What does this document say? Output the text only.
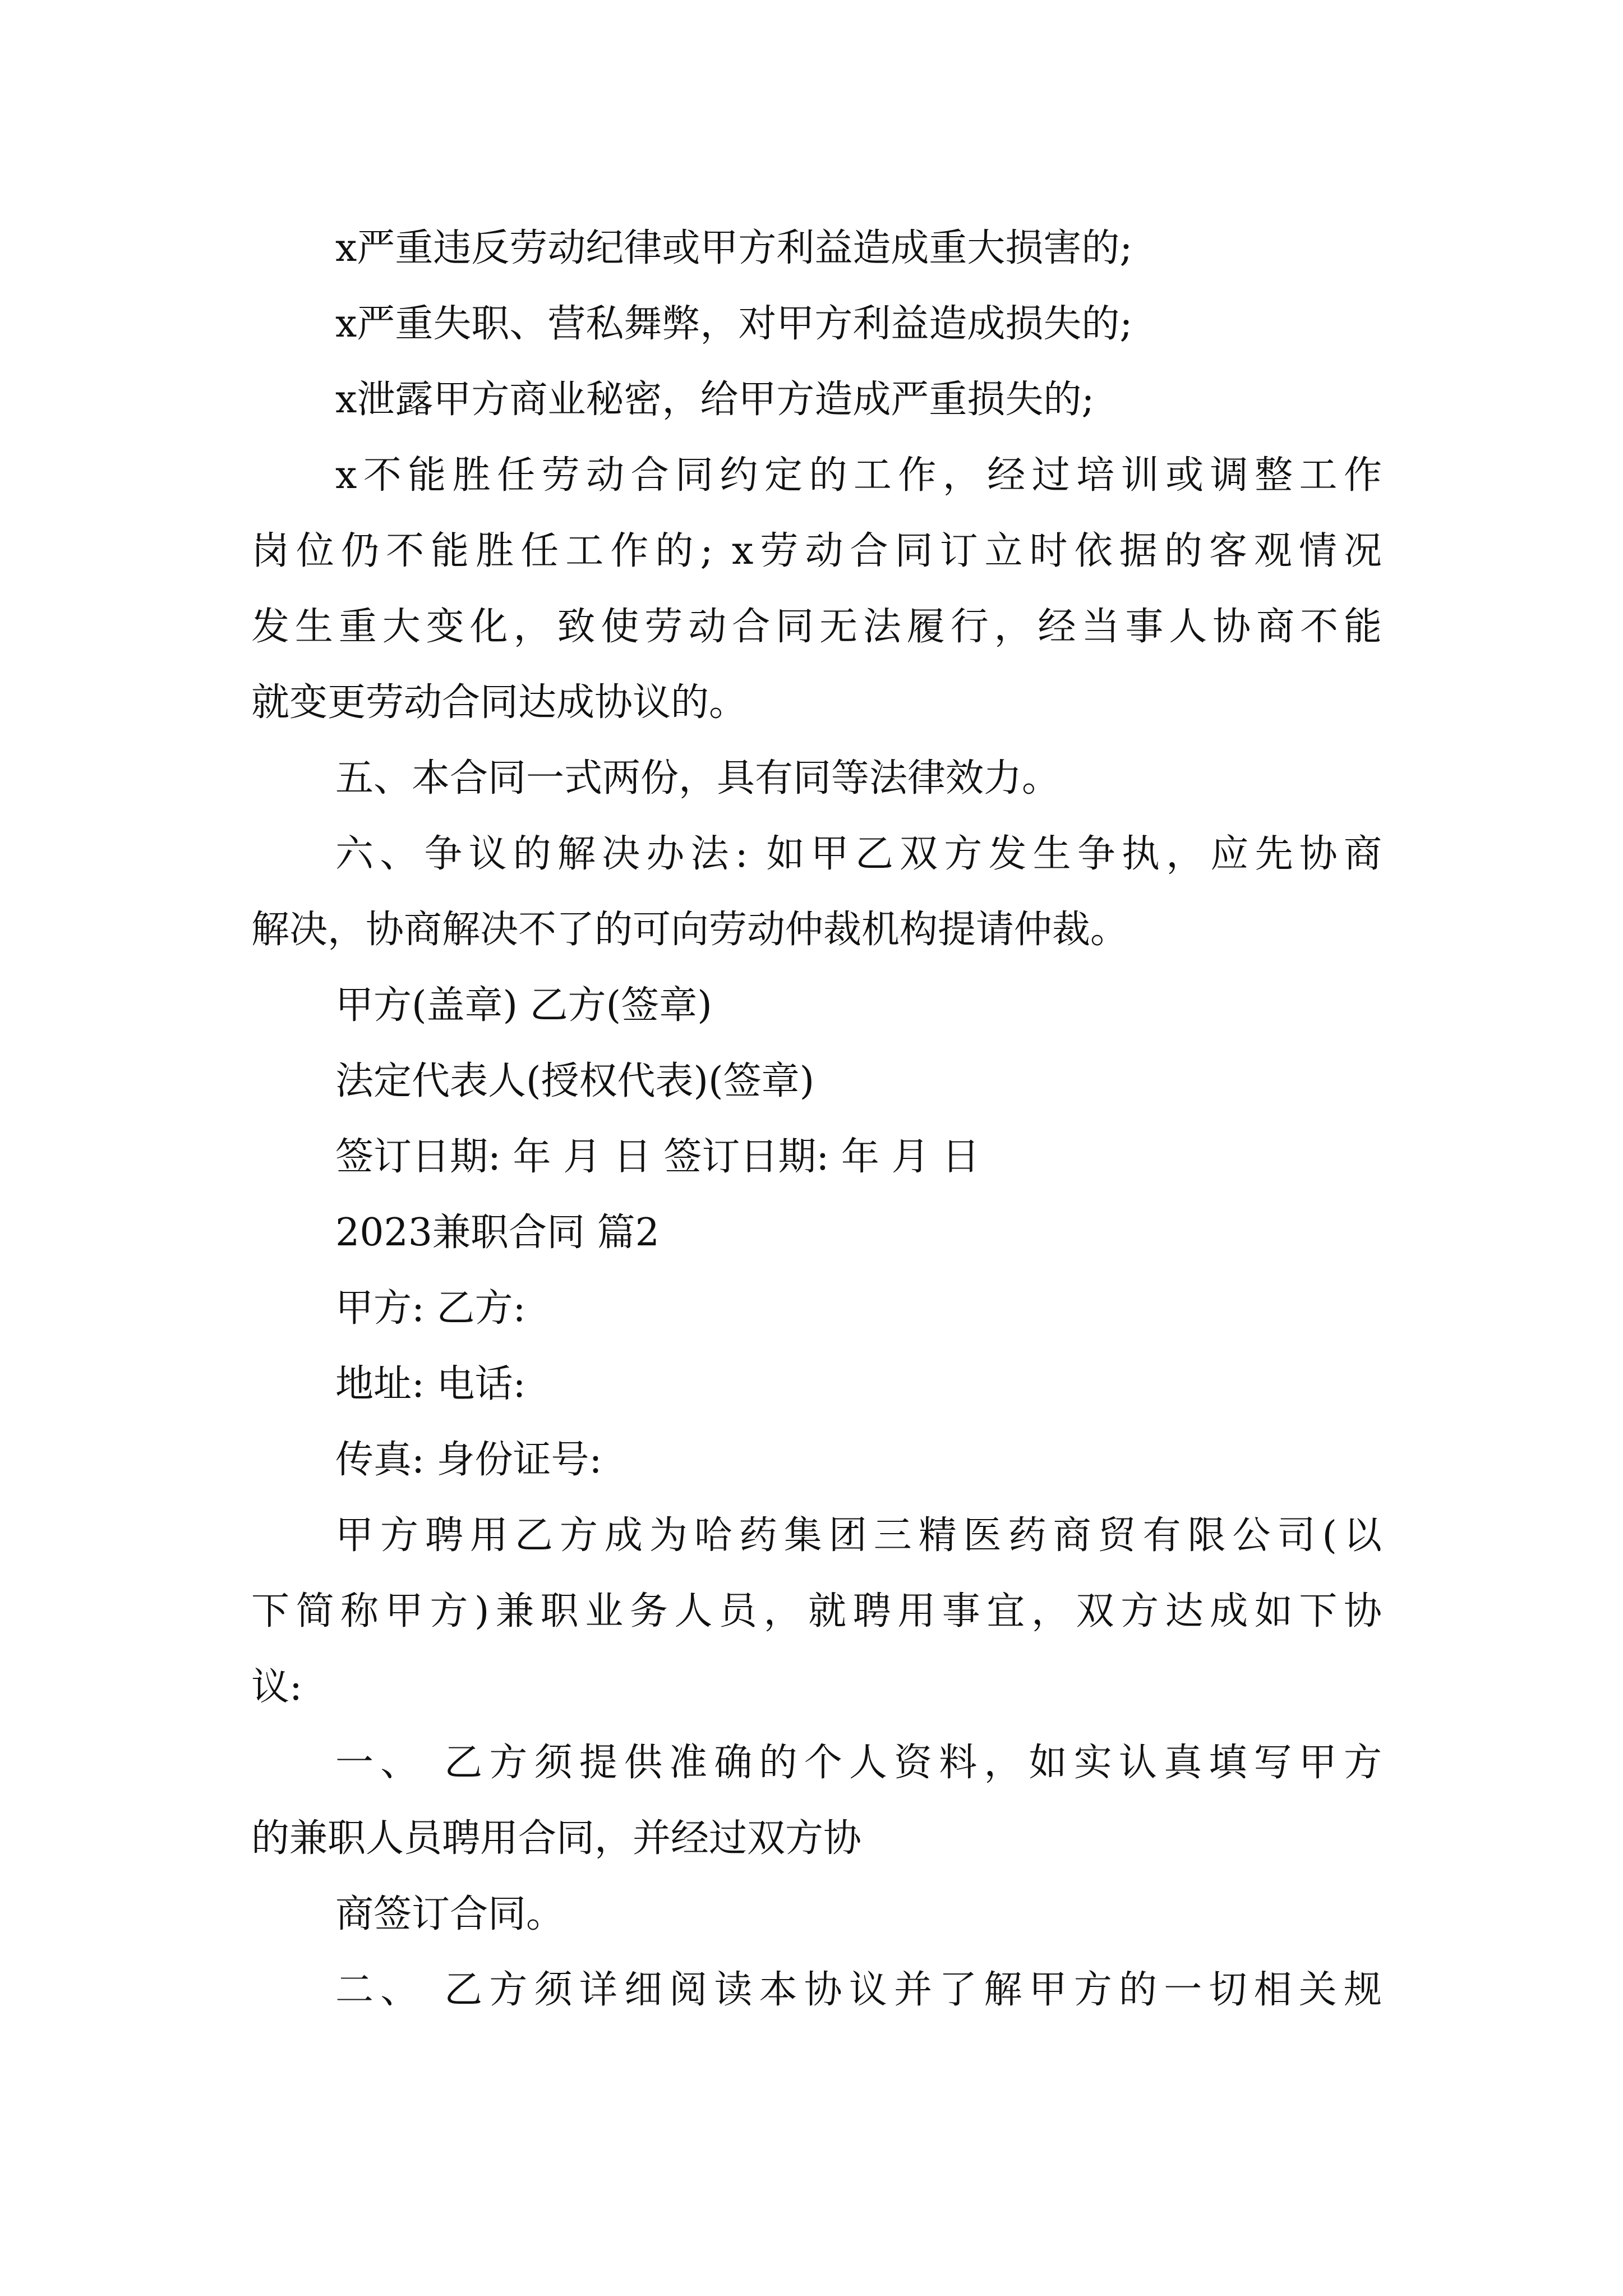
x严重违反劳动纪律或甲方利益造成重大损害的;
x严重失职、营私舞弊，对甲方利益造成损失的;
x泄露甲方商业秘密，给甲方造成严重损失的;
x不能胜任劳动合同约定的工作，经过培训或调整工作
岗位仍不能胜任工作的; x劳动合同订立时依据的客观情况
发生重大变化，致使劳动合同无法履行，经当事人协商不能
就变更劳动合同达成协议的。
五、本合同一式两份，具有同等法律效力。
六、争议的解决办法: 如甲乙双方发生争执，应先协商
解决，协商解决不了的可向劳动仲裁机构提请仲裁。
甲方(盖章) 乙方(签章)
法定代表人(授权代表)(签章)
签订日期: 年 月 日 签订日期: 年 月 日
2023兼职合同 篇2
甲方: 乙方:
地址: 电话:
传真: 身份证号:
甲方聘用乙方成为哈药集团三精医药商贸有限公司(以
下简称甲方)兼职业务人员，就聘用事宜，双方达成如下协
议:
一、 乙方须提供准确的个人资料，如实认真填写甲方
的兼职人员聘用合同，并经过双方协
商签订合同。
二、 乙方须详细阅读本协议并了解甲方的一切相关规
